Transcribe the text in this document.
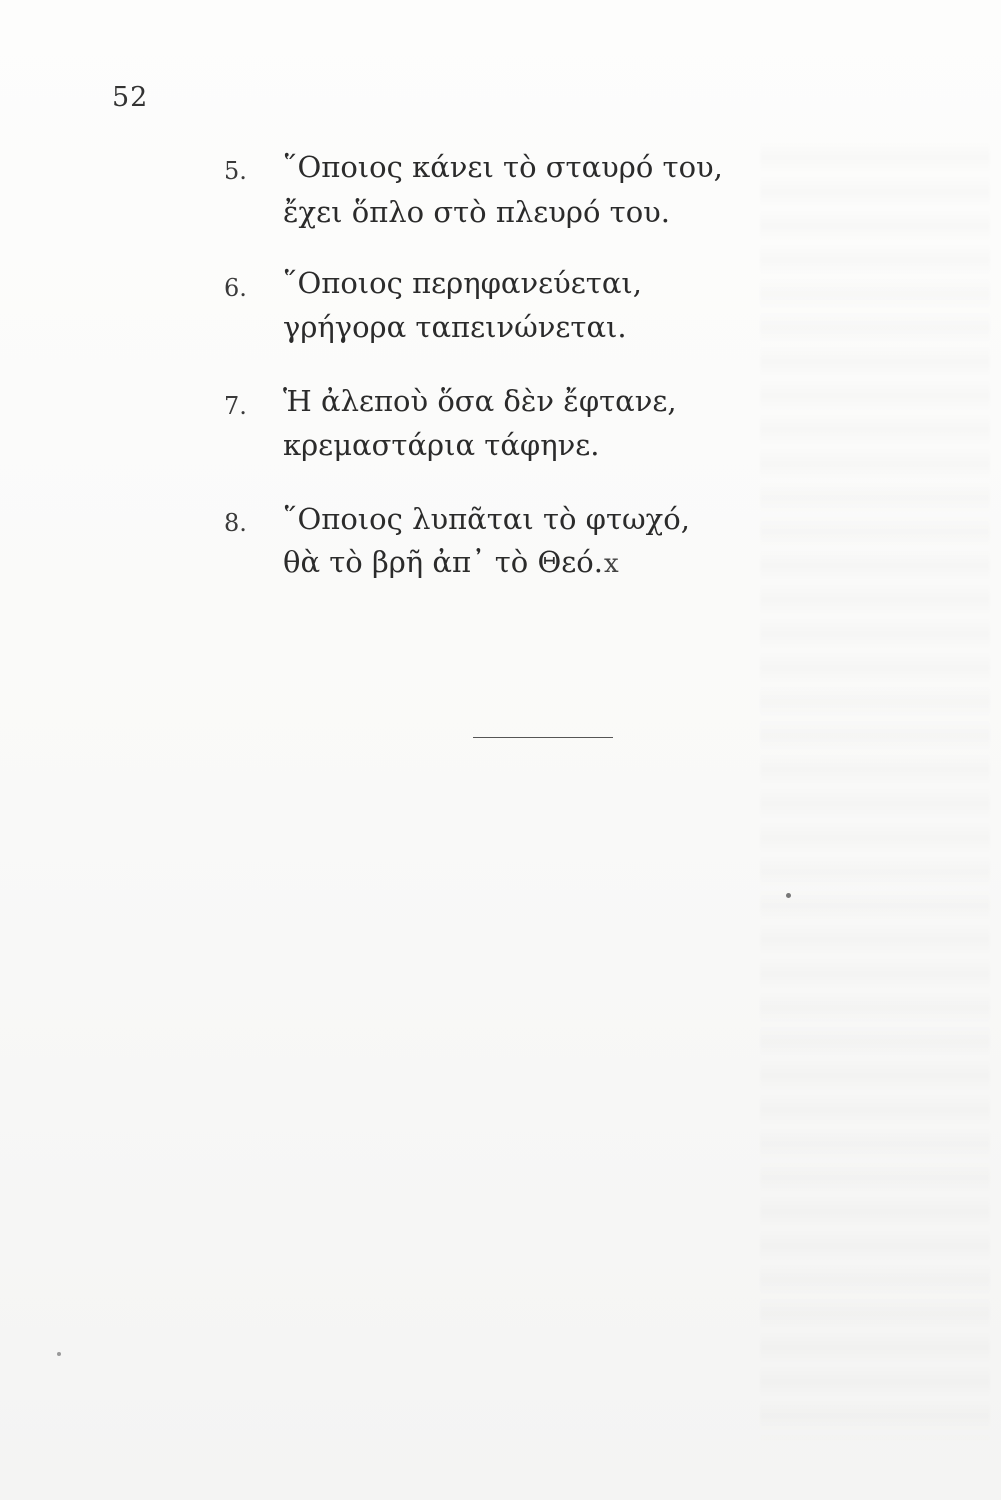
52
5. ῞Οποιος κάνει τὸ σταυρό του,
ἔχει ὅπλο στὸ πλευρό του.
6. ῞Οποιος περηφανεύεται,
γρήγορα ταπεινώνεται.
7. Ἡ ἀλεποὺ ὅσα δὲν ἔφτανε,
κρεμαστάρια τάφηνε.
8. ῞Οποιος λυπᾶται τὸ φτωχό,
θὰ τὸ βρῆ ἀπ᾽ τὸ Θεό.x
